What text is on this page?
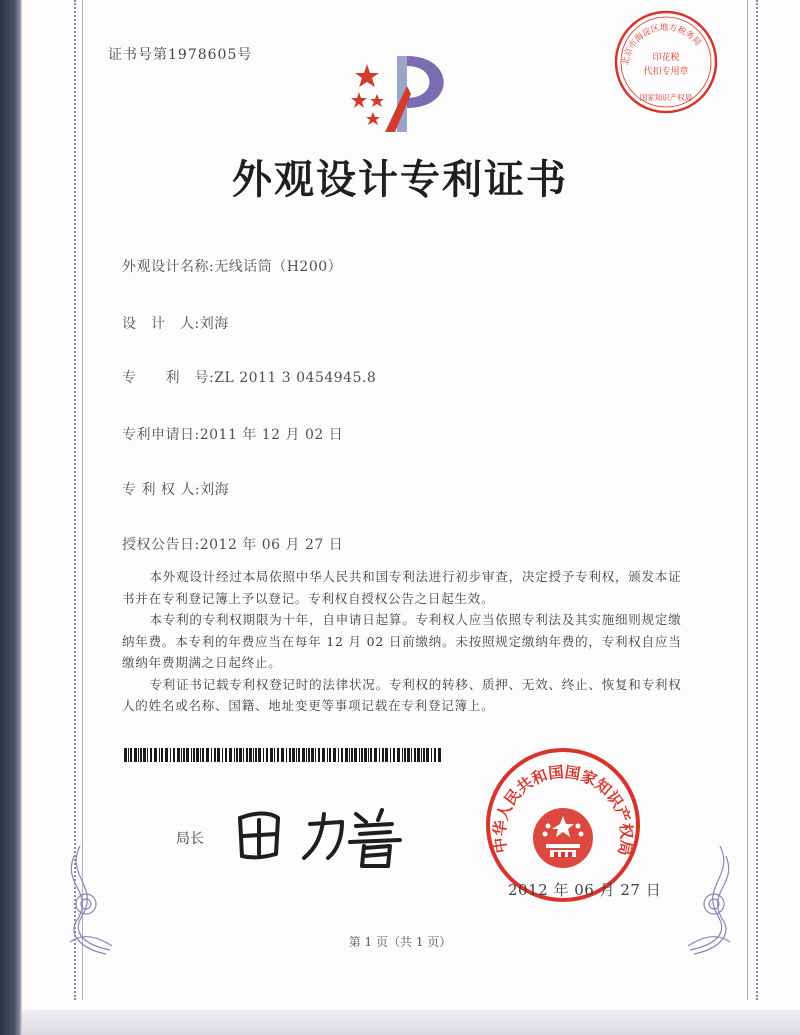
证书号第1978605号	北京市海淀区地方税务局
印花税
代扣专用章
国家知识产权局
外观设计专利证书
外观设计名称:无线话筒（H200）
设　计　人:刘海
专　　利　号:ZL 2011 3 0454945.8
专利申请日:2011 年 12 月 02 日
专 利 权 人:刘海
授权公告日:2012 年 06 月 27 日

本外观设计经过本局依照中华人民共和国专利法进行初步审查，决定授予专利权，颁发本证书并在专利登记簿上予以登记。专利权自授权公告之日起生效。

本专利的专利权期限为十年，自申请日起算。专利权人应当依照专利法及其实施细则规定缴纳年费。本专利的年费应当在每年 12 月 02 日前缴纳。未按照规定缴纳年费的，专利权自应当缴纳年费期满之日起终止。

专利证书记载专利权登记时的法律状况。专利权的转移、质押、无效、终止、恢复和专利权人的姓名或名称、国籍、地址变更等事项记载在专利登记簿上。

局长	中华人民共和国国家知识产权局
2012 年 06 月 27 日
第 1 页（共 1 页）
